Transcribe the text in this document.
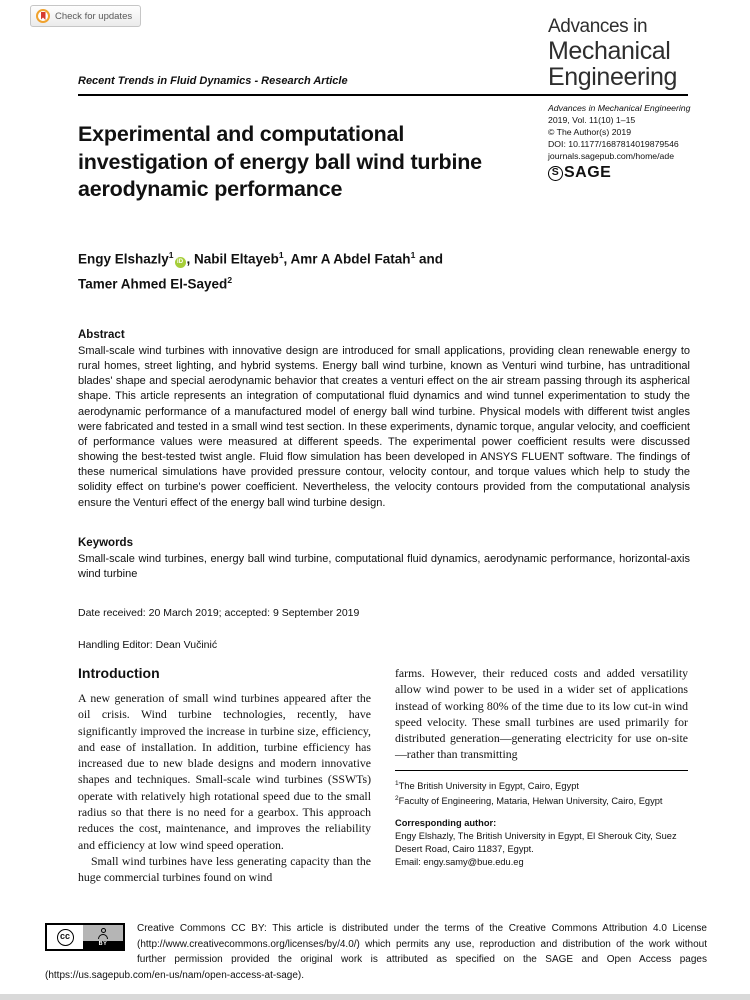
Check for updates	Advances in
Mechanical
Engineering
Recent Trends in Fluid Dynamics - Research Article
Advances in Mechanical Engineering
2019, Vol. 11(10) 1–15
© The Author(s) 2019
DOI: 10.1177/1687814019879546
journals.sagepub.com/home/ade
S SAGE
Experimental and computational investigation of energy ball wind turbine aerodynamic performance
Engy Elshazly$^1$iD , Nabil Eltayeb$^1$, Amr A Abdel Fatah$^1$ and
Tamer Ahmed El-Sayed$^2$
Abstract
Small-scale wind turbines with innovative design are introduced for small applications, providing clean renewable energy to rural homes, street lighting, and hybrid systems. Energy ball wind turbine, known as Venturi wind turbine, has untraditional blades' shape and special aerodynamic behavior that creates a venturi effect on the air stream passing through its aspherical shape. This article represents an integration of computational fluid dynamics and wind tunnel experimentation to study the aerodynamic performance of a manufactured model of energy ball wind turbine. Physical models with different twist angles were fabricated and tested in a small wind test section. In these experiments, dynamic torque, angular velocity, and coefficient of performance values were measured at different speeds. The experimental power coefficient results were discussed showing the best-tested twist angle. Fluid flow simulation has been developed in ANSYS FLUENT software. The findings of these numerical simulations have provided pressure contour, velocity contour, and torque values which help to study the solidity effect on turbine's power coefficient. Nevertheless, the velocity contours provided from the computational analysis ensure the Venturi effect of the energy ball wind turbine design.
Keywords
Small-scale wind turbines, energy ball wind turbine, computational fluid dynamics, aerodynamic performance, horizontal-axis wind turbine
Date received: 20 March 2019; accepted: 9 September 2019
Handling Editor: Dean Vučinić
Introduction
A new generation of small wind turbines appeared after the oil crisis. Wind turbine technologies, recently, have significantly improved the increase in turbine size, efficiency, and ease of installation. In addition, turbine efficiency has increased due to new blade designs and modern innovative shapes and techniques. Small-scale wind turbines (SSWTs) operate with relatively high rotational speed due to the small radius so that there is no need for a gearbox. This approach reduces the cost, maintenance, and improves the reliability and efficiency at low wind speed operation.
Small wind turbines have less generating capacity than the huge commercial turbines found on wind
farms. However, their reduced costs and added versatility allow wind power to be used in a wider set of applications instead of working 80% of the time due to its low cut-in wind speed velocity. These small turbines are used primarily for distributed generation—generating electricity for use on-site—rather than transmitting
$^1$The British University in Egypt, Cairo, Egypt
$^2$Faculty of Engineering, Mataria, Helwan University, Cairo, Egypt
Corresponding author:
Engy Elshazly, The British University in Egypt, El Sherouk City, Suez Desert Road, Cairo 11837, Egypt.
Email: engy.samy@bue.edu.eg
cc
BY
Creative Commons CC BY: This article is distributed under the terms of the Creative Commons Attribution 4.0 License (http://www.creativecommons.org/licenses/by/4.0/) which permits any use, reproduction and distribution of the work without further permission provided the original work is attributed as specified on the SAGE and Open Access pages (https://us.sagepub.com/en-us/nam/open-access-at-sage).
